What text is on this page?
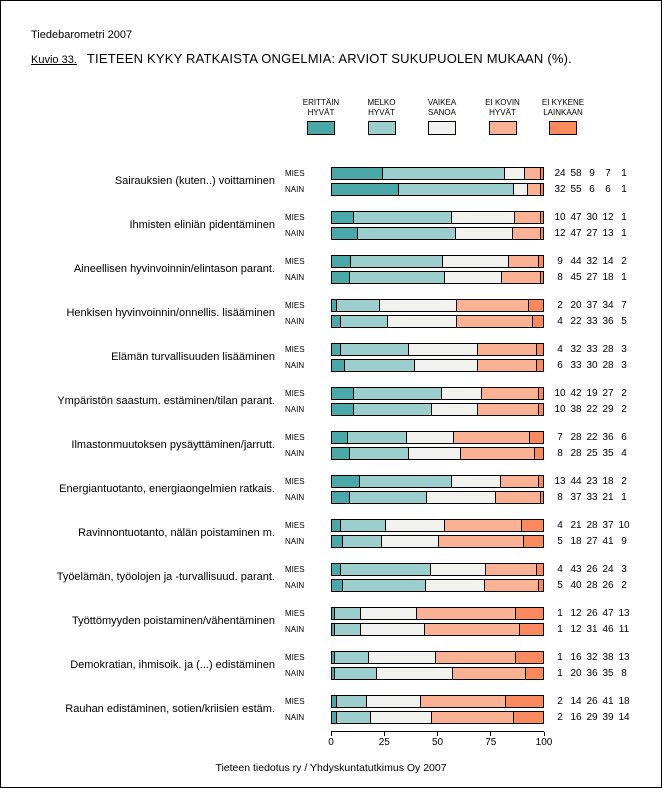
Tiedebarometri 2007
Kuvio 33. TIETEEN KYKY RATKAISTA ONGELMIA: ARVIOT SUKUPUOLEN MUKAAN (%).
ERITTÄIN
HYVÄT
MELKO
HYVÄT
VAIKEA
SANOA
EI KOVIN
HYVÄT
EI KYKENE
LAINKAAN
Sairauksien (kuten..) voittaminen
MIES	24 58 9	7	1
NAIN	32 55 6	6	1
Ihmisten eliniän pidentäminen
MIES	10 47 30 12 1
NAIN	12 47 27 13 1
Aineellisen hyvinvoinnin/elintason parant.
MIES	9 44 32 14 2
NAIN	8 45 27 18 1
Henkisen hyvinvoinnin/onnellis. lisääminen
MIES	2 20 37 34 7
NAIN	4 22 33 36 5
Elämän turvallisuuden lisääminen
MIES	4 32 33 28 3
NAIN	6 33 30 28 3
Ympäristön saastum. estäminen/tilan parant.
MIES	10 42 19 27 2
NAIN	10 38 22 29 2
Ilmastonmuutoksen pysäyttäminen/jarrutt.
MIES	7 28 22 36 6
NAIN	8 28 25 35 4
Energiantuotanto, energiaongelmien ratkais.
MIES	13 44 23 18 2
NAIN	8 37 33 21 1
Ravinnontuotanto, nälän poistaminen m.
MIES	4 21 28 37 10
NAIN	5 18 27 41 9
Työelämän, työolojen ja -turvallisuud. parant.
MIES	4 43 26 24 3
NAIN	5 40 28 26 2
Työttömyyden poistaminen/vähentäminen
MIES	1 12 26 47 13
NAIN	1 12 31 46 11
Demokratian, ihmisoik. ja (...) edistäminen
MIES	1 16 32 38 13
NAIN	1 20 36 35 8
Rauhan edistäminen, sotien/kriisien estäm.
MIES	2 14 26 41 18
NAIN	2 16 29 39 14
0	25	50	75	100
Tieteen tiedotus ry / Yhdyskuntatutkimus Oy 2007
